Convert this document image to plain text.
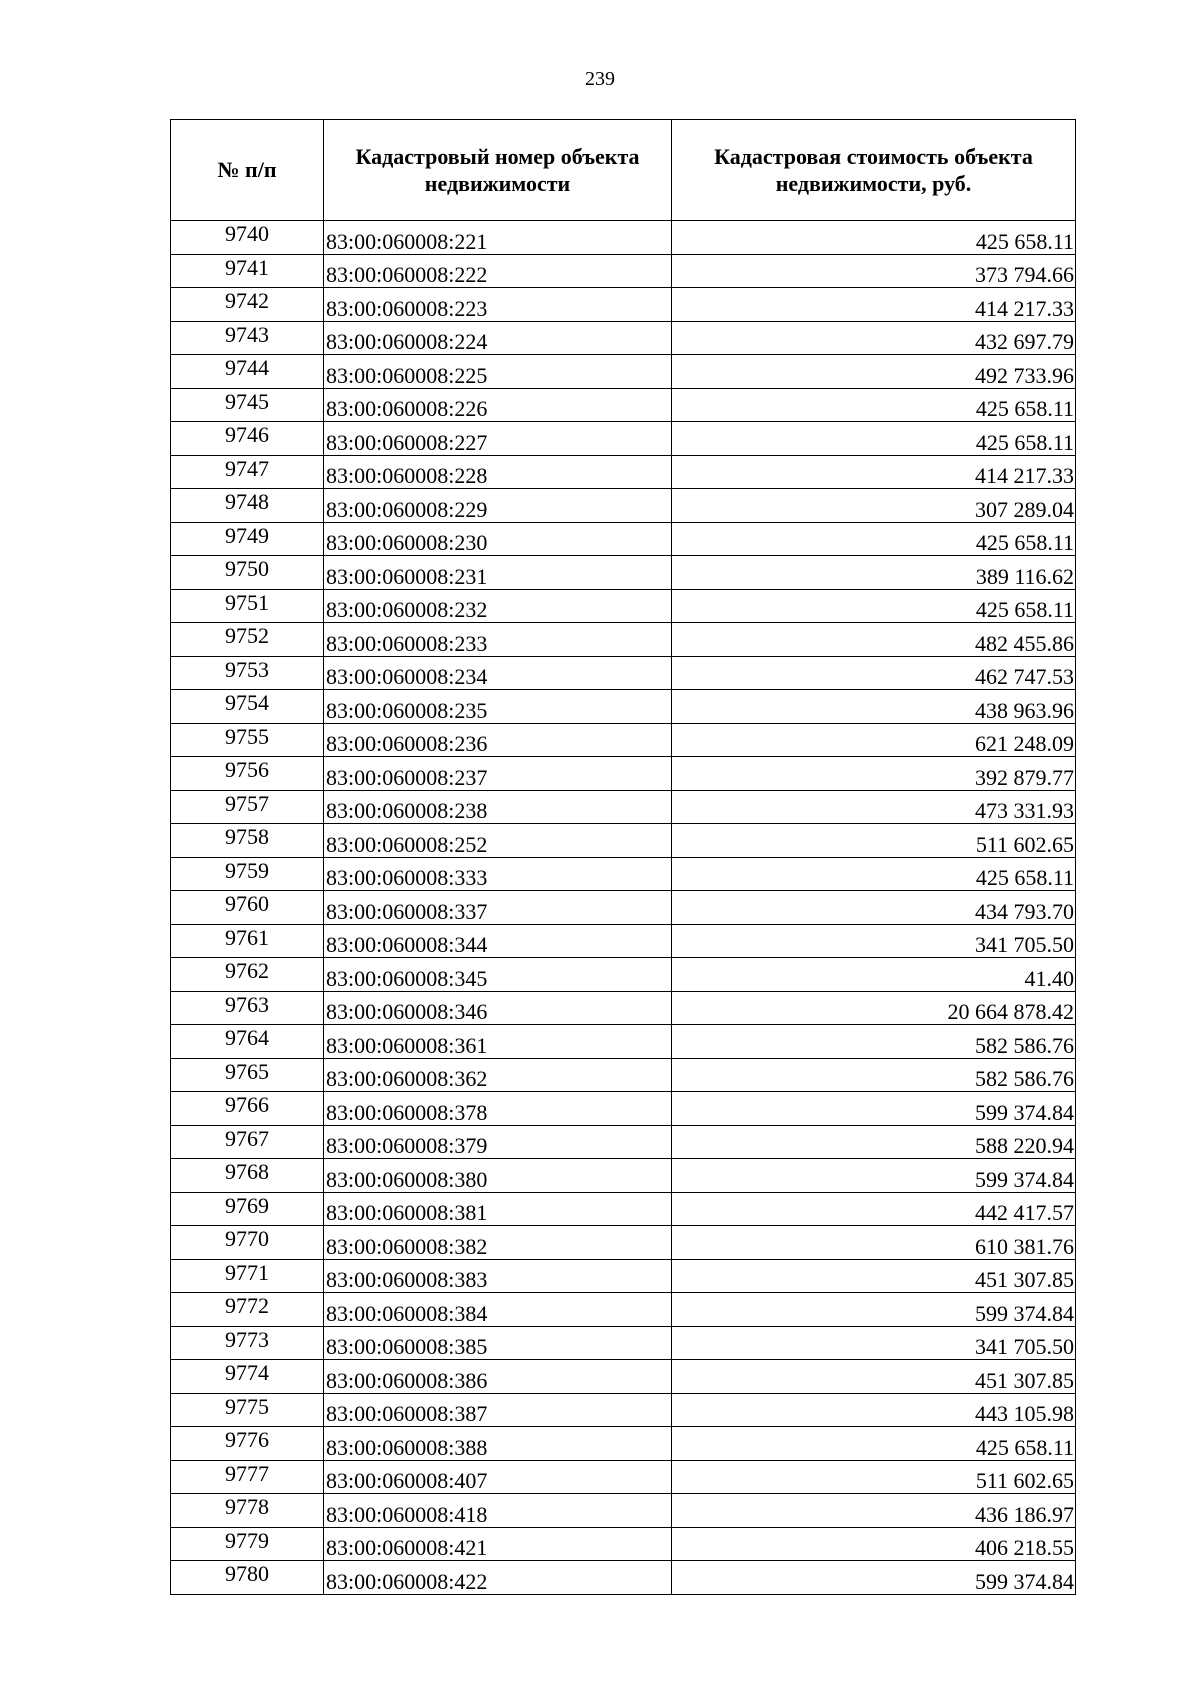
239
№ п/п	Кадастровый номер объекта недвижимости	Кадастровая стоимость объекта недвижимости, руб.
9740	83:00:060008:221	425 658.11
9741	83:00:060008:222	373 794.66
9742	83:00:060008:223	414 217.33
9743	83:00:060008:224	432 697.79
9744	83:00:060008:225	492 733.96
9745	83:00:060008:226	425 658.11
9746	83:00:060008:227	425 658.11
9747	83:00:060008:228	414 217.33
9748	83:00:060008:229	307 289.04
9749	83:00:060008:230	425 658.11
9750	83:00:060008:231	389 116.62
9751	83:00:060008:232	425 658.11
9752	83:00:060008:233	482 455.86
9753	83:00:060008:234	462 747.53
9754	83:00:060008:235	438 963.96
9755	83:00:060008:236	621 248.09
9756	83:00:060008:237	392 879.77
9757	83:00:060008:238	473 331.93
9758	83:00:060008:252	511 602.65
9759	83:00:060008:333	425 658.11
9760	83:00:060008:337	434 793.70
9761	83:00:060008:344	341 705.50
9762	83:00:060008:345	41.40
9763	83:00:060008:346	20 664 878.42
9764	83:00:060008:361	582 586.76
9765	83:00:060008:362	582 586.76
9766	83:00:060008:378	599 374.84
9767	83:00:060008:379	588 220.94
9768	83:00:060008:380	599 374.84
9769	83:00:060008:381	442 417.57
9770	83:00:060008:382	610 381.76
9771	83:00:060008:383	451 307.85
9772	83:00:060008:384	599 374.84
9773	83:00:060008:385	341 705.50
9774	83:00:060008:386	451 307.85
9775	83:00:060008:387	443 105.98
9776	83:00:060008:388	425 658.11
9777	83:00:060008:407	511 602.65
9778	83:00:060008:418	436 186.97
9779	83:00:060008:421	406 218.55
9780	83:00:060008:422	599 374.84
